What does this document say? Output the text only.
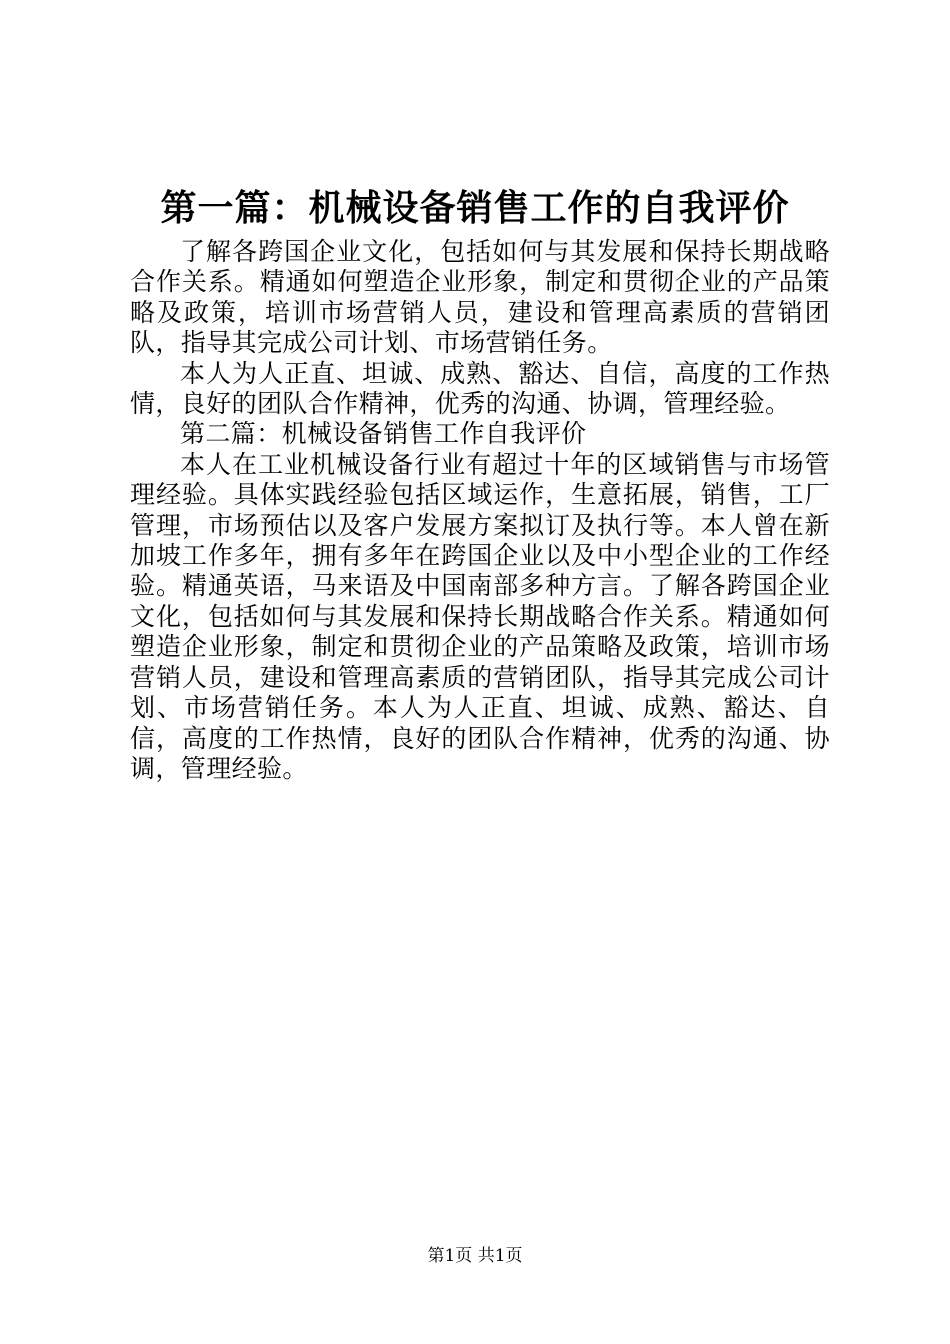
第一篇：机械设备销售工作的自我评价

了解各跨国企业文化，包括如何与其发展和保持长期战略合作关系。精通如何塑造企业形象，制定和贯彻企业的产品策略及政策，培训市场营销人员，建设和管理高素质的营销团队，指导其完成公司计划、市场营销任务。

本人为人正直、坦诚、成熟、豁达、自信，高度的工作热情，良好的团队合作精神，优秀的沟通、协调，管理经验。

第二篇：机械设备销售工作自我评价

本人在工业机械设备行业有超过十年的区域销售与市场管理经验。具体实践经验包括区域运作，生意拓展，销售，工厂管理，市场预估以及客户发展方案拟订及执行等。本人曾在新加坡工作多年，拥有多年在跨国企业以及中小型企业的工作经验。精通英语，马来语及中国南部多种方言。了解各跨国企业文化，包括如何与其发展和保持长期战略合作关系。精通如何塑造企业形象，制定和贯彻企业的产品策略及政策，培训市场营销人员，建设和管理高素质的营销团队，指导其完成公司计划、市场营销任务。本人为人正直、坦诚、成熟、豁达、自信，高度的工作热情，良好的团队合作精神，优秀的沟通、协调，管理经验。

第1页 共1页
